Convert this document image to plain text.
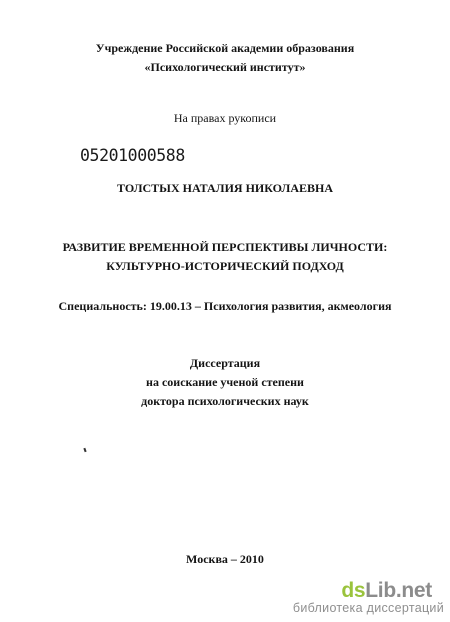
Учреждение Российской академии образования
«Психологический институт»
На правах рукописи
05201000588
ТОЛСТЫХ НАТАЛИЯ НИКОЛАЕВНА
РАЗВИТИЕ ВРЕМЕННОЙ ПЕРСПЕКТИВЫ ЛИЧНОСТИ:
КУЛЬТУРНО-ИСТОРИЧЕСКИЙ ПОДХОД
Специальность: 19.00.13 – Психология развития, акмеология
Диссертация
на соискание ученой степени
доктора психологических наук
Москва – 2010
dsLib.net
библиотека диссертаций
